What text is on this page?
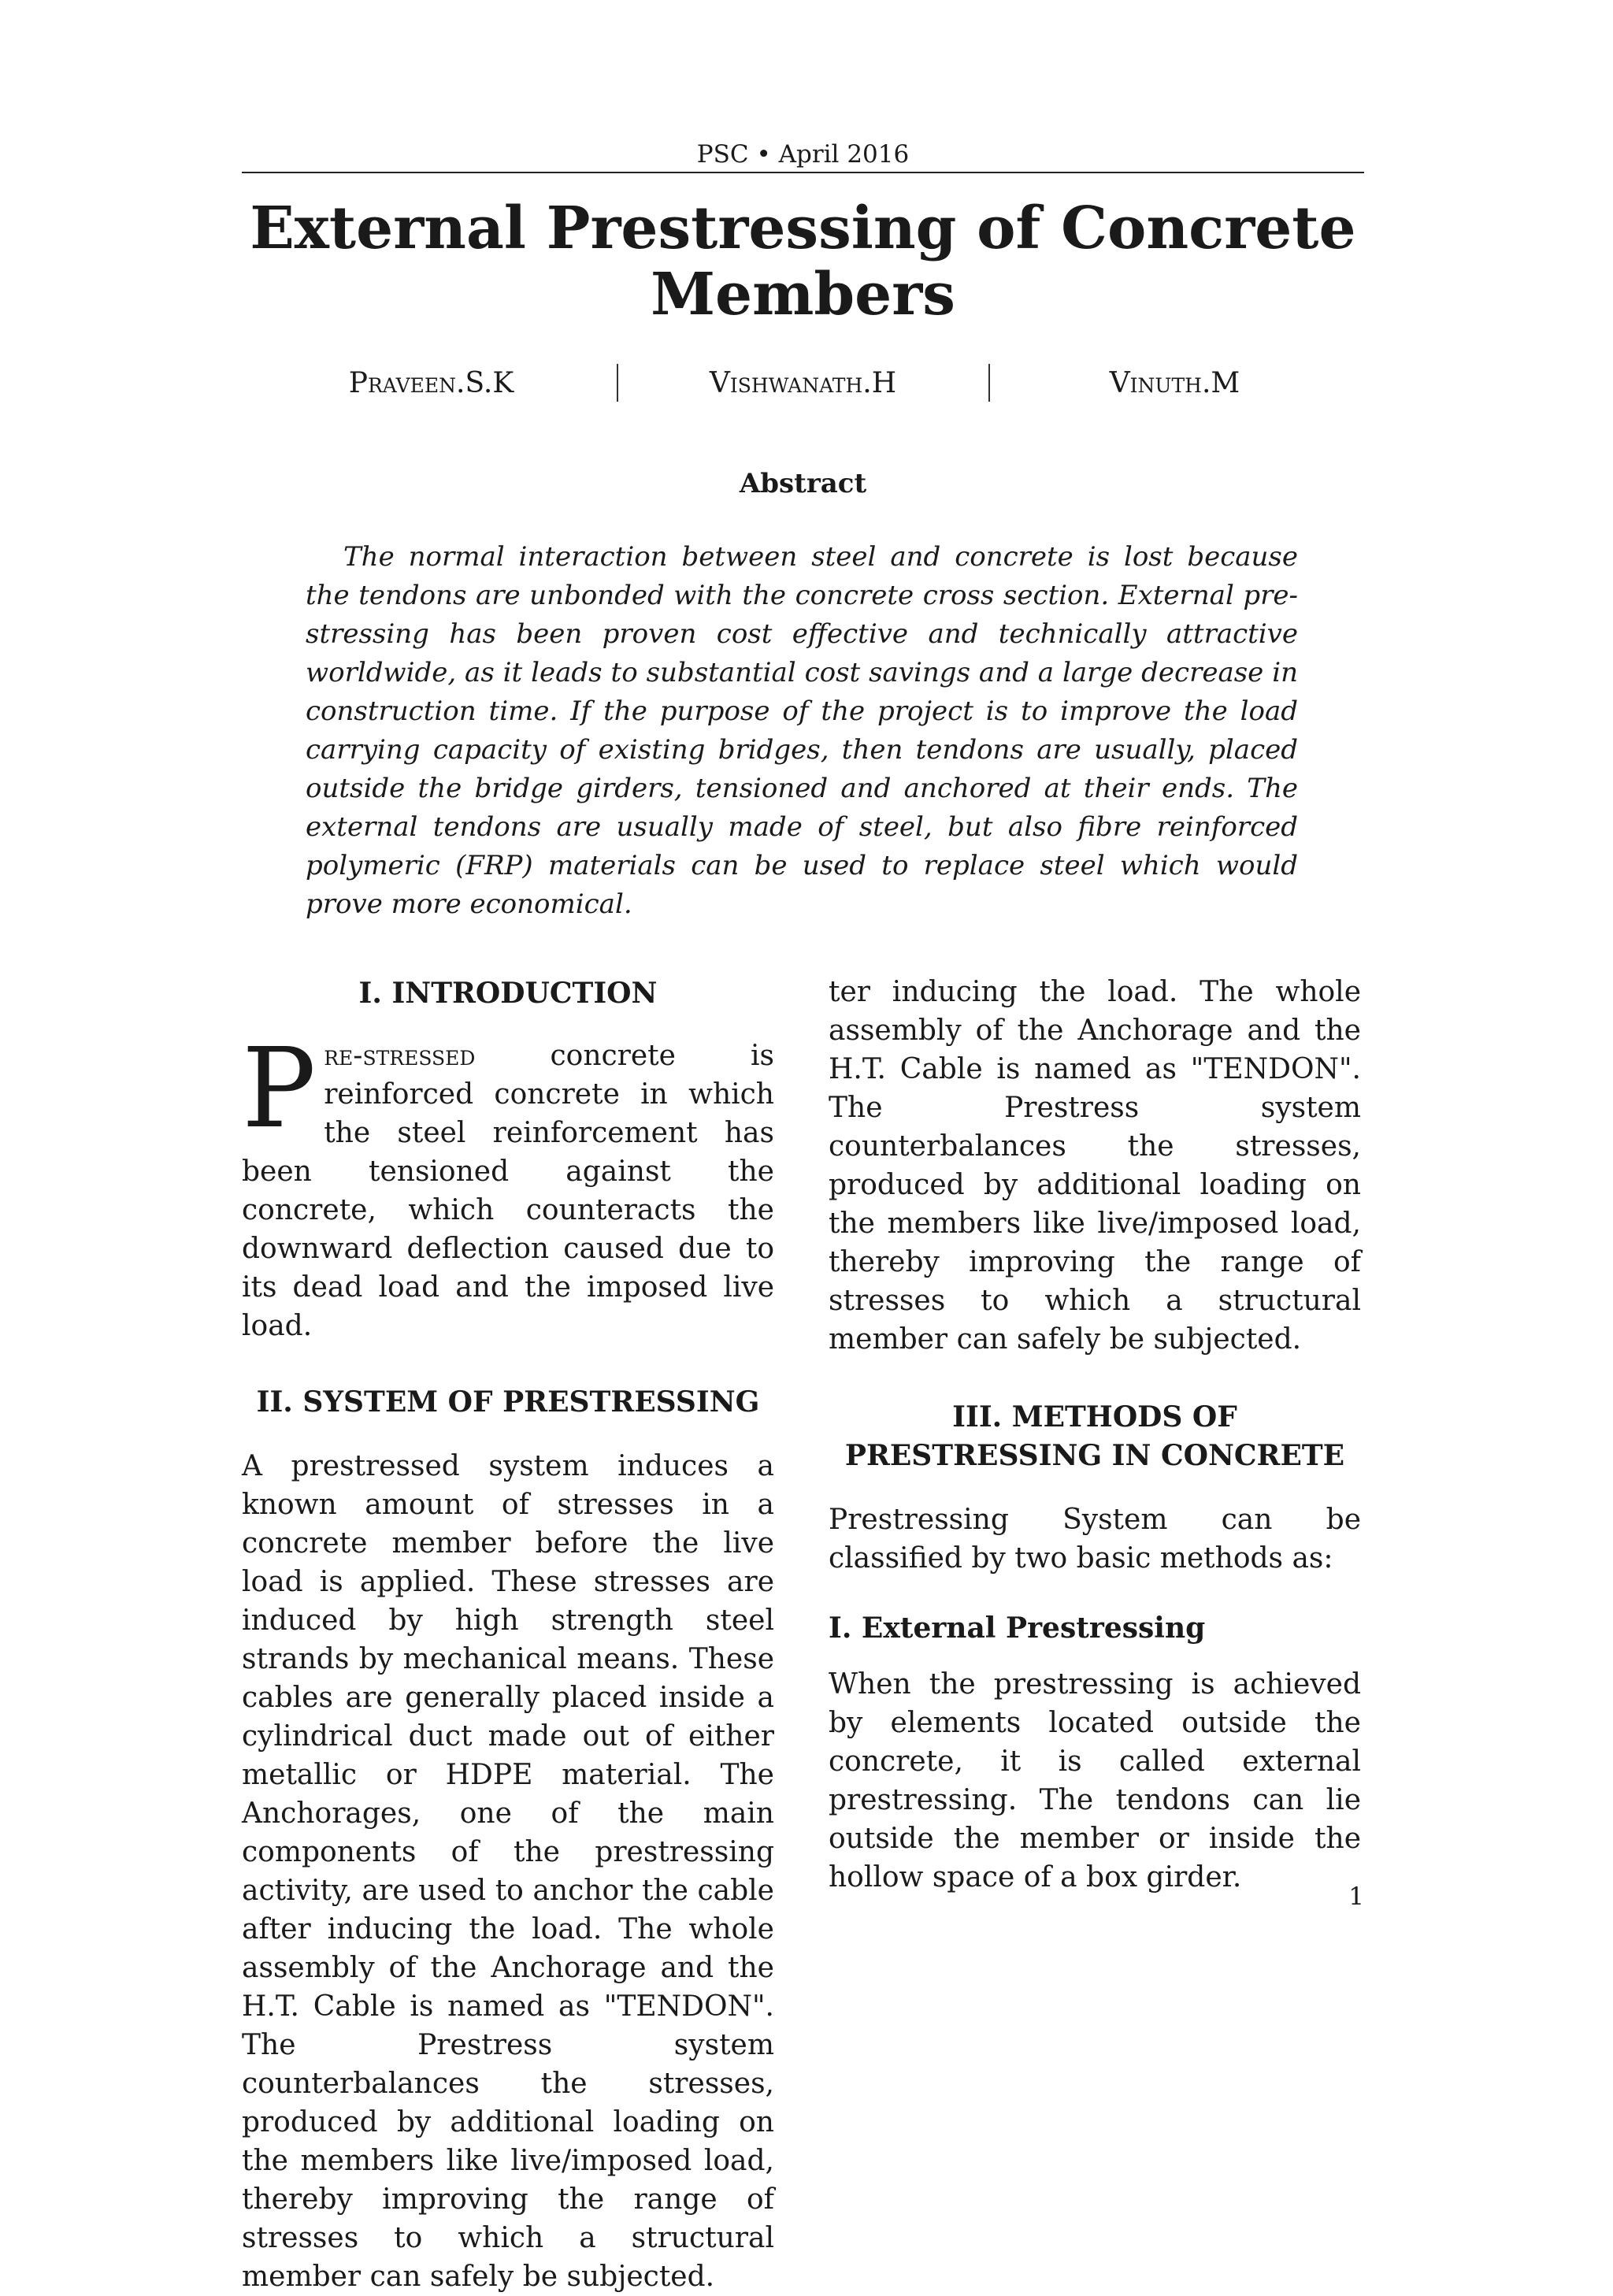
PSC • April 2016
External Prestressing of Concrete Members
Praveen.S.K	Vishwanath.H	Vinuth.M
Abstract

The normal interaction between steel and concrete is lost because the tendons are unbonded with the concrete cross section. External pre-stressing has been proven cost effective and technically attractive worldwide, as it leads to substantial cost savings and a large decrease in construction time. If the purpose of the project is to improve the load carrying capacity of existing bridges, then tendons are usually, placed outside the bridge girders, tensioned and anchored at their ends. The external tendons are usually made of steel, but also fibre reinforced polymeric (FRP) materials can be used to replace steel which would prove more economical.

I. INTRODUCTION

Pre-stressed concrete is reinforced concrete in which the steel reinforcement has been tensioned against the concrete, which counteracts the downward deflection caused due to its dead load and the imposed live load.

II. SYSTEM OF PRESTRESSING

A prestressed system induces a known amount of stresses in a concrete member before the live load is applied. These stresses are induced by high strength steel strands by mechanical means. These cables are generally placed inside a cylindrical duct made out of either metallic or HDPE material. The Anchorages, one of the main components of the prestressing activity, are used to anchor the cable after inducing the load. The whole assembly of the Anchorage and the H.T. Cable is named as "TENDON". The Prestress system counterbalances the stresses, produced by additional loading on the members like live/imposed load, thereby improving the range of stresses to which a structural member can safely be subjected.

ter inducing the load. The whole assembly of the Anchorage and the H.T. Cable is named as "TENDON". The Prestress system counterbalances the stresses, produced by additional loading on the members like live/imposed load, thereby improving the range of stresses to which a structural member can safely be subjected.

III. METHODS OF PRESTRESSING IN CONCRETE

Prestressing System can be classified by two basic methods as:

I. External Prestressing

When the prestressing is achieved by elements located outside the concrete, it is called external prestressing. The tendons can lie outside the member or inside the hollow space of a box girder.

1
